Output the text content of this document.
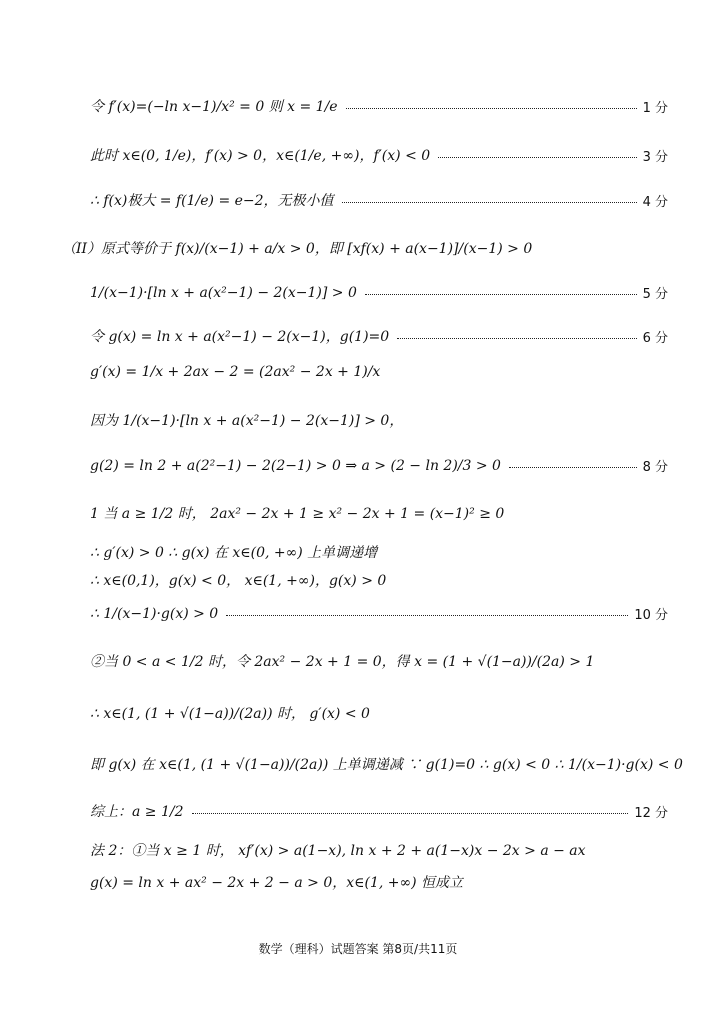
令 f′(x)=(−ln x−1)/x² = 0 则 x = 1/e	1 分
此时 x∈(0, 1/e)，f′(x) > 0，x∈(1/e, +∞)，f′(x) < 0	3 分
∴ f(x)极大 = f(1/e) = e−2，无极小值	4 分
（II）原式等价于 f(x)/(x−1) + a/x > 0，即 [xf(x) + a(x−1)]/(x−1) > 0
1/(x−1)·[ln x + a(x²−1) − 2(x−1)] > 0	5 分
令 g(x) = ln x + a(x²−1) − 2(x−1)，g(1)=0	6 分
g′(x) = 1/x + 2ax − 2 = (2ax² − 2x + 1)/x
因为 1/(x−1)·[ln x + a(x²−1) − 2(x−1)] > 0，
g(2) = ln 2 + a(2²−1) − 2(2−1) > 0 ⇒ a > (2 − ln 2)/3 > 0	8 分
1 当 a ≥ 1/2 时， 2ax² − 2x + 1 ≥ x² − 2x + 1 = (x−1)² ≥ 0
∴ g′(x) > 0 ∴ g(x) 在 x∈(0, +∞) 上单调递增
∴ x∈(0,1)，g(x) < 0， x∈(1, +∞)，g(x) > 0
∴ 1/(x−1)·g(x) > 0	10 分
②当 0 < a < 1/2 时，令 2ax² − 2x + 1 = 0，得 x = (1 + √(1−a))/(2a) > 1
∴ x∈(1, (1 + √(1−a))/(2a)) 时， g′(x) < 0
即 g(x) 在 x∈(1, (1 + √(1−a))/(2a)) 上单调递减 ∵ g(1)=0 ∴ g(x) < 0 ∴ 1/(x−1)·g(x) < 0
综上：a ≥ 1/2	12 分
法 2：①当 x ≥ 1 时， xf′(x) > a(1−x), ln x + 2 + a(1−x)x − 2x > a − ax
g(x) = ln x + ax² − 2x + 2 − a > 0，x∈(1, +∞) 恒成立
数学（理科）试题答案 第8页/共11页
